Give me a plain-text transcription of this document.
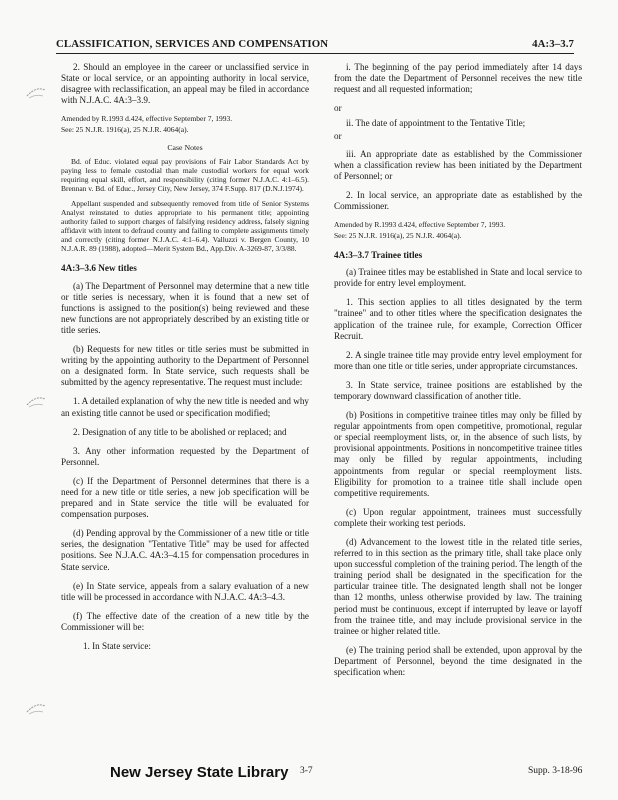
CLASSIFICATION, SERVICES AND COMPENSATION	4A:3–3.7

2. Should an employee in the career or unclassified service in State or local service, or an appointing authority in local service, disagree with reclassification, an appeal may be filed in accordance with N.J.A.C. 4A:3–3.9.

Amended by R.1993 d.424, effective September 7, 1993.

See: 25 N.J.R. 1916(a), 25 N.J.R. 4064(a).

Case Notes

Bd. of Educ. violated equal pay provisions of Fair Labor Standards Act by paying less to female custodial than male custodial workers for equal work requiring equal skill, effort, and responsibility (citing former N.J.A.C. 4:1–6.5). Brennan v. Bd. of Educ., Jersey City, New Jersey, 374 F.Supp. 817 (D.N.J.1974).

Appellant suspended and subsequently removed from title of Senior Systems Analyst reinstated to duties appropriate to his permanent title; appointing authority failed to support charges of falsifying residency address, falsely signing affidavit with intent to defraud county and failing to complete assignments timely and correctly (citing former N.J.A.C. 4:1–6.4). Valluzzi v. Bergen County, 10 N.J.A.R. 89 (1988), adopted—Merit System Bd., App.Div. A-3269-87, 3/3/88.

4A:3–3.6 New titles

(a) The Department of Personnel may determine that a new title or title series is necessary, when it is found that a new set of functions is assigned to the position(s) being reviewed and these new functions are not appropriately described by an existing title or title series.

(b) Requests for new titles or title series must be submitted in writing by the appointing authority to the Department of Personnel on a designated form. In State service, such requests shall be submitted by the agency representative. The request must include:

1. A detailed explanation of why the new title is needed and why an existing title cannot be used or specification modified;

2. Designation of any title to be abolished or replaced; and

3. Any other information requested by the Department of Personnel.

(c) If the Department of Personnel determines that there is a need for a new title or title series, a new job specification will be prepared and in State service the title will be evaluated for compensation purposes.

(d) Pending approval by the Commissioner of a new title or title series, the designation "Tentative Title" may be used for affected positions. See N.J.A.C. 4A:3–4.15 for compensation procedures in State service.

(e) In State service, appeals from a salary evaluation of a new title will be processed in accordance with N.J.A.C. 4A:3–4.3.

(f) The effective date of the creation of a new title by the Commissioner will be:

1. In State service:

i. The beginning of the pay period immediately after 14 days from the date the Department of Personnel receives the new title request and all requested information;

or

ii. The date of appointment to the Tentative Title;

or

iii. An appropriate date as established by the Commissioner when a classification review has been initiated by the Department of Personnel; or

2. In local service, an appropriate date as established by the Commissioner.

Amended by R.1993 d.424, effective September 7, 1993.

See: 25 N.J.R. 1916(a), 25 N.J.R. 4064(a).

4A:3–3.7 Trainee titles

(a) Trainee titles may be established in State and local service to provide for entry level employment.

1. This section applies to all titles designated by the term "trainee" and to other titles where the specification designates the application of the trainee rule, for example, Correction Officer Recruit.

2. A single trainee title may provide entry level employment for more than one title or title series, under appropriate circumstances.

3. In State service, trainee positions are established by the temporary downward classification of another title.

(b) Positions in competitive trainee titles may only be filled by regular appointments from open competitive, promotional, regular or special reemployment lists, or, in the absence of such lists, by provisional appointments. Positions in noncompetitive trainee titles may only be filled by regular appointments, including appointments from regular or special reemployment lists. Eligibility for promotion to a trainee title shall include open competitive requirements.

(c) Upon regular appointment, trainees must successfully complete their working test periods.

(d) Advancement to the lowest title in the related title series, referred to in this section as the primary title, shall take place only upon successful completion of the training period. The length of the training period shall be designated in the specification for the particular trainee title. The designated length shall not be longer than 12 months, unless otherwise provided by law. The training period must be continuous, except if interrupted by leave or layoff from the trainee title, and may include provisional service in the trainee or higher related title.

(e) The training period shall be extended, upon approval by the Department of Personnel, beyond the time designated in the specification when:

New Jersey State Library 3-7	Supp. 3-18-96
